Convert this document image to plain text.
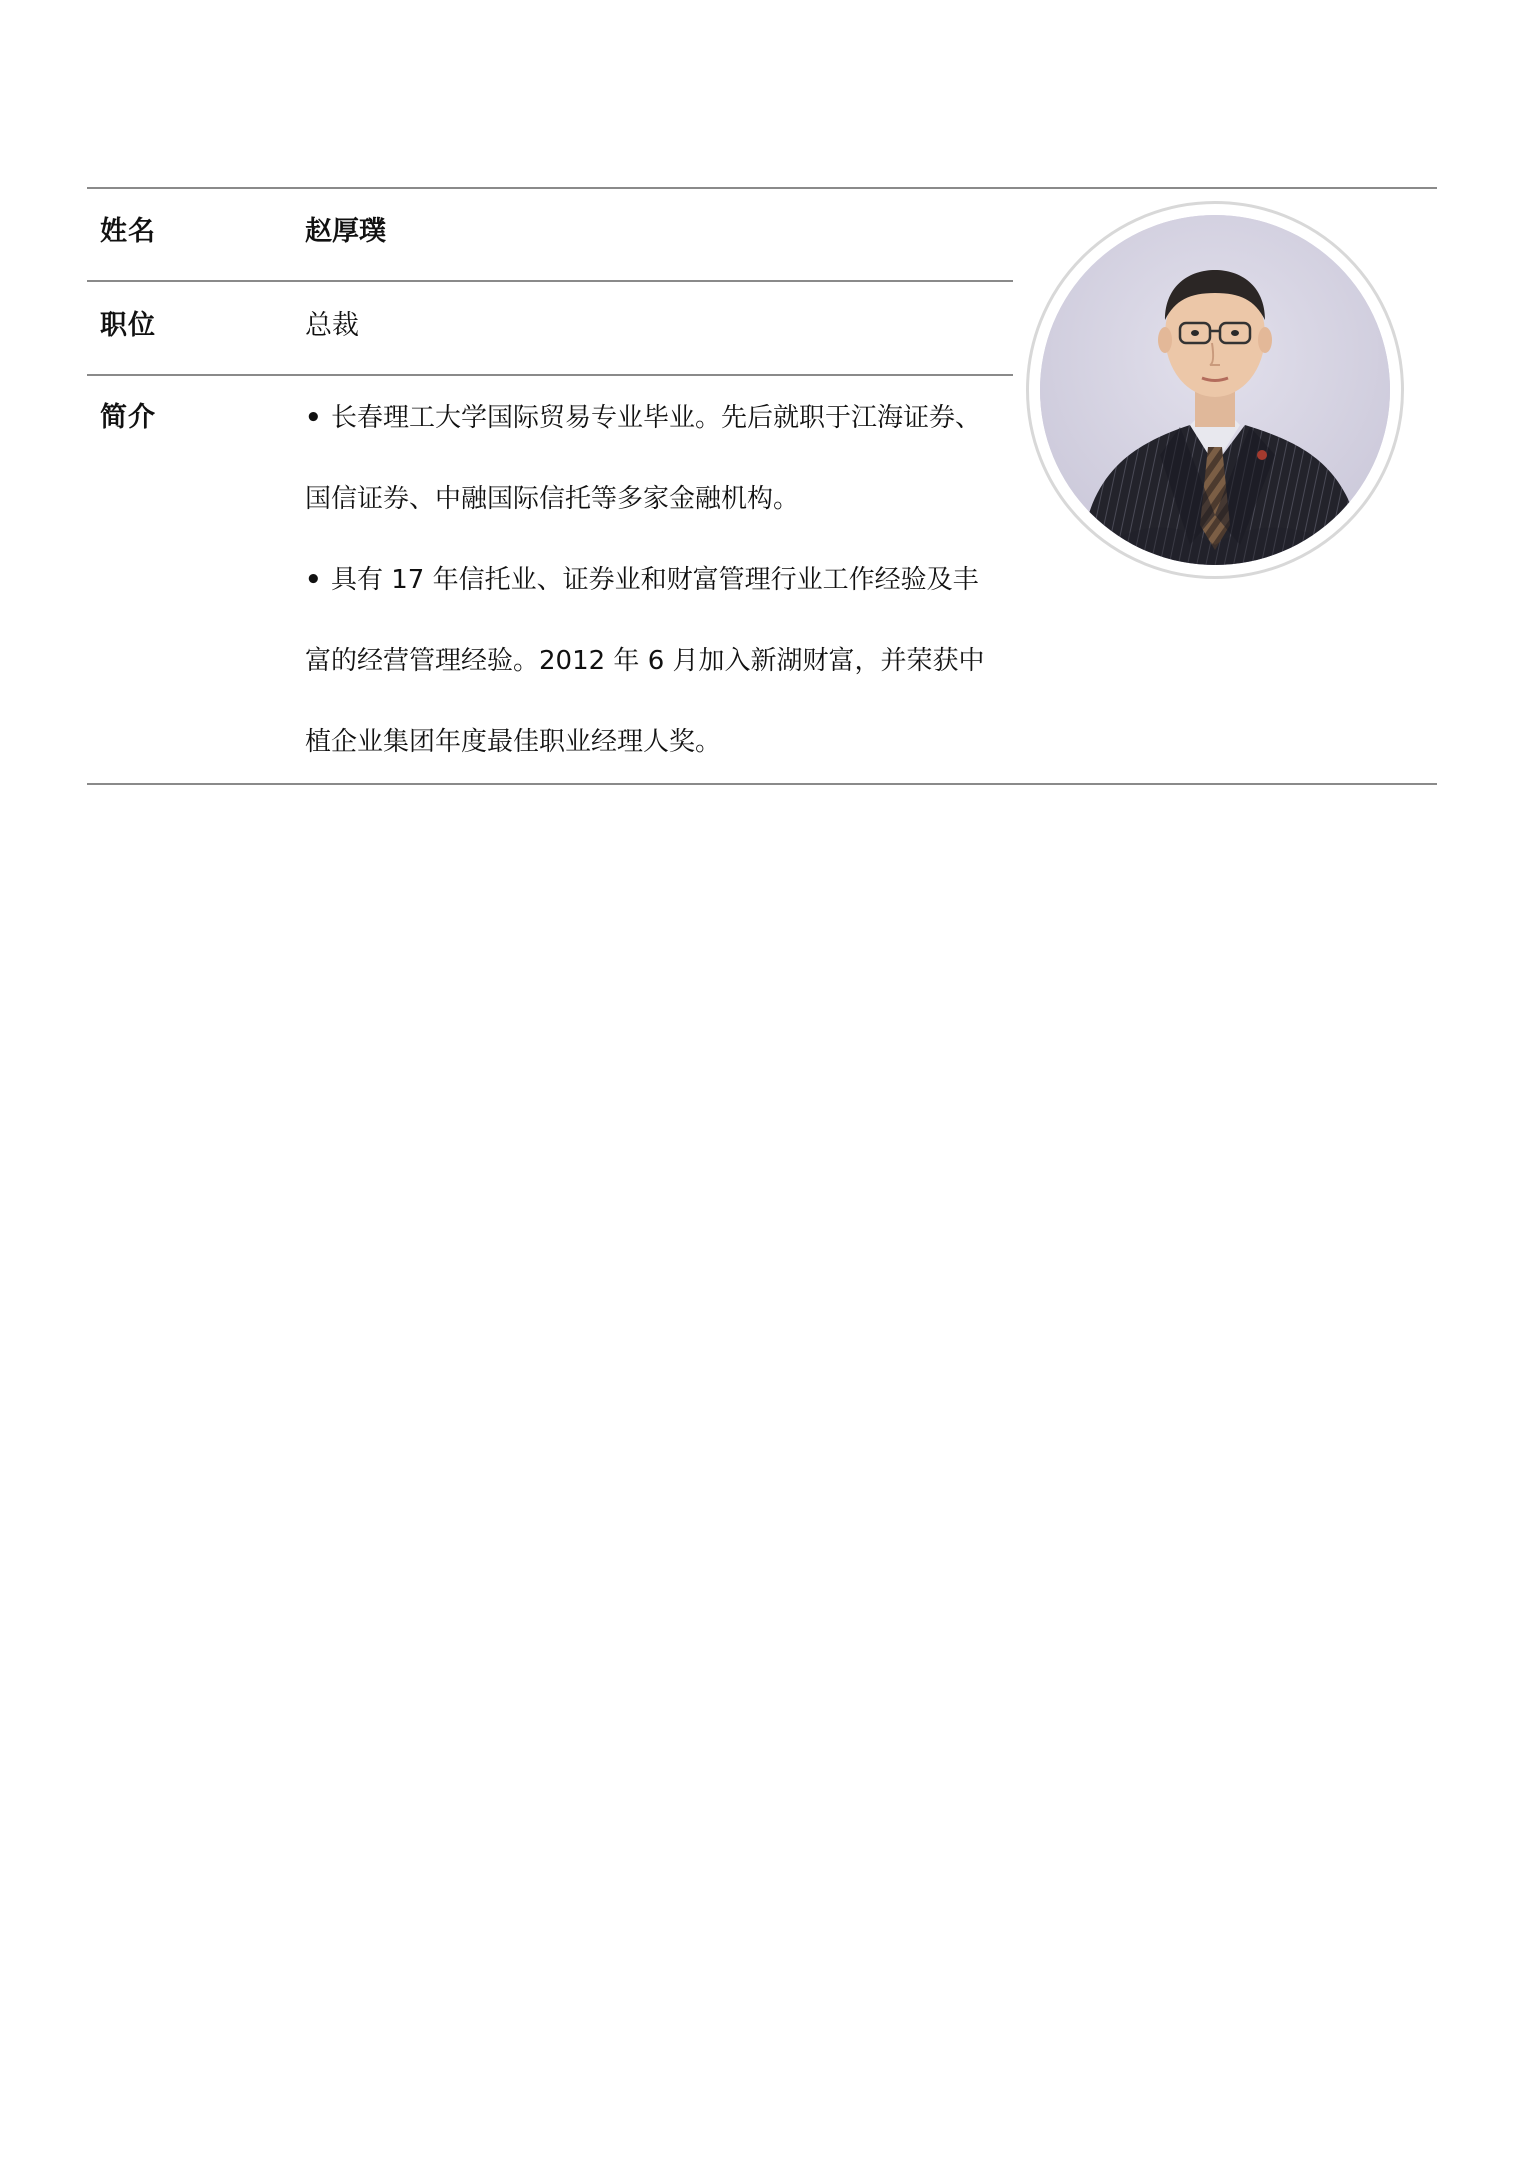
姓名	赵厚璞
职位	总裁
简介	• 长春理工大学国际贸易专业毕业。先后就职于江海证券、
国信证券、中融国际信托等多家金融机构。
• 具有 17 年信托业、证券业和财富管理行业工作经验及丰
富的经营管理经验。2012 年 6 月加入新湖财富，并荣获中
植企业集团年度最佳职业经理人奖。
